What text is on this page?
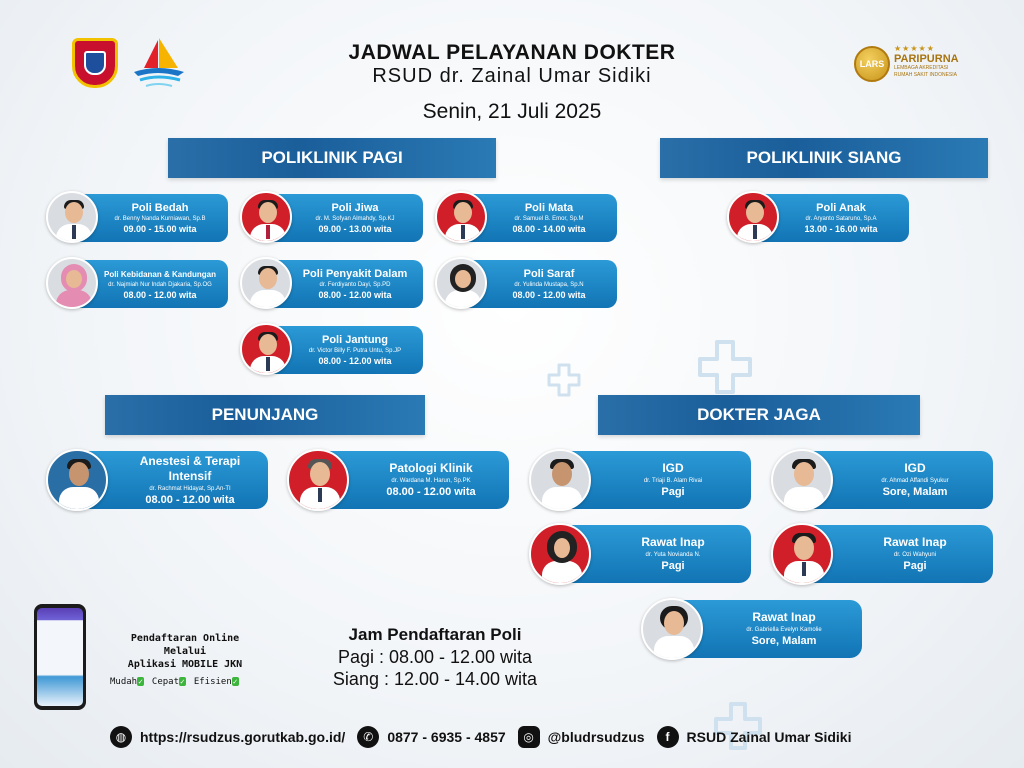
LARS
★★★★★
PARIPURNA
LEMBAGA AKREDITASI
RUMAH SAKIT INDONESIA
JADWAL PELAYANAN DOKTER
RSUD dr. Zainal Umar Sidiki
Senin, 21 Juli 2025
POLIKLINIK PAGI	POLIKLINIK SIANG
PENUNJANG	DOKTER JAGA
Poli Bedah
dr. Benny Nanda Kurniawan, Sp.B
09.00 - 15.00 wita
Poli Jiwa
dr. M. Sofyan Almahdy, Sp.KJ
09.00 - 13.00 wita
Poli Mata
dr. Samuel B. Emor, Sp.M
08.00 - 14.00 wita
Poli Kebidanan & Kandungan
dr. Najmiah Nur Indah Djakaria, Sp.OG
08.00 - 12.00 wita
Poli Penyakit Dalam
dr. Ferdiyanto Dayi, Sp.PD
08.00 - 12.00 wita
Poli Saraf
dr. Yulinda Mustapa, Sp.N
08.00 - 12.00 wita
Poli Jantung
dr. Victor Billy F. Putra Untu, Sp.JP
08.00 - 12.00 wita
Poli Anak
dr. Aryanto Sataruno, Sp.A
13.00 - 16.00 wita
Anestesi & Terapi Intensif
dr. Rachmat Hidayat, Sp.An-TI
08.00 - 12.00 wita
Patologi Klinik
dr. Wardana M. Harun, Sp.PK
08.00 - 12.00 wita
IGD
dr. Triaji B. Alam Rivai
Pagi
IGD
dr. Ahmad Affandi Syukur
Sore, Malam
Rawat Inap
dr. Yuta Novianda N.
Pagi
Rawat Inap
dr. Ozi Wahyuni
Pagi
Rawat Inap
dr. Gabriella Evelyn Kamolie
Sore, Malam
Pendaftaran Online Melalui
Aplikasi MOBILE JKN
Mudah✓ Cepat✓ Efisien✓
Jam Pendaftaran Poli
Pagi : 08.00 - 12.00 wita
Siang : 12.00 - 14.00 wita
◍ https://rsudzus.gorutkab.go.id/	✆ 0877 - 6935 - 4857	◎ @bludrsudzus	f	RSUD Zainal Umar Sidiki
